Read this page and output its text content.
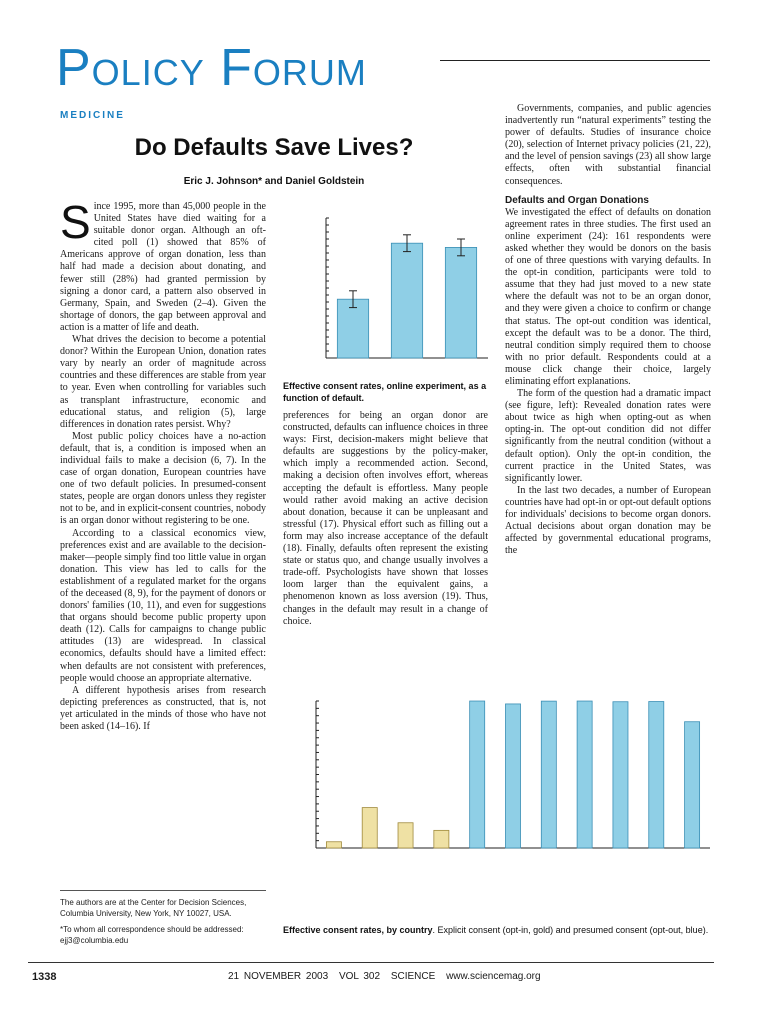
Policy Forum
MEDICINE
Do Defaults Save Lives?
Eric J. Johnson* and Daniel Goldstein
S ince 1995, more than 45,000 people in the United States have died waiting for a suitable donor organ. Although an oft-cited poll (1) showed that 85% of Americans approve of organ donation, less than half had made a decision about donating, and fewer still (28%) had granted permission by signing a donor card, a pattern also observed in Germany, Spain, and Sweden (2–4). Given the shortage of donors, the gap between approval and action is a matter of life and death.

What drives the decision to become a potential donor? Within the European Union, donation rates vary by nearly an order of magnitude across countries and these differences are stable from year to year. Even when controlling for variables such as transplant infrastructure, economic and educational status, and religion (5), large differences in donation rates persist. Why?

Most public policy choices have a no-action default, that is, a condition is imposed when an individual fails to make a decision (6, 7). In the case of organ donation, European countries have one of two default policies. In presumed-consent states, people are organ donors unless they register not to be, and in explicit-consent countries, nobody is an organ donor without registering to be one.

According to a classical economics view, preferences exist and are available to the decision-maker—people simply find too little value in organ donation. This view has led to calls for the establishment of a regulated market for the organs of the deceased (8, 9), for the payment of donors or donors' families (10, 11), and even for suggestions that organs should become public property upon death (12). Calls for campaigns to change public attitudes (13) are widespread. In classical economics, defaults should have a limited effect: when defaults are not consistent with preferences, people would choose an appropriate alternative.

A different hypothesis arises from research depicting preferences as constructed, that is, not yet articulated in the minds of those who have not been asked (14–16). If

Effective consent rates, online experiment, as a function of default.

preferences for being an organ donor are constructed, defaults can influence choices in three ways: First, decision-makers might believe that defaults are suggestions by the policy-maker, which imply a recommended action. Second, making a decision often involves effort, whereas accepting the default is effortless. Many people would rather avoid making an active decision about donation, because it can be unpleasant and stressful (17). Physical effort such as filling out a form may also increase acceptance of the default (18). Finally, defaults often represent the existing state or status quo, and change usually involves a trade-off. Psychologists have shown that losses loom larger than the equivalent gains, a phenomenon known as loss aversion (19). Thus, changes in the default may result in a change of choice.

Governments, companies, and public agencies inadvertently run “natural experiments” testing the power of defaults. Studies of insurance choice (20), selection of Internet privacy policies (21, 22), and the level of pension savings (23) all show large effects, often with substantial financial consequences.

Defaults and Organ Donations

We investigated the effect of defaults on donation agreement rates in three studies. The first used an online experiment (24): 161 respondents were asked whether they would be donors on the basis of one of three questions with varying defaults. In the opt-in condition, participants were told to assume that they had just moved to a new state where the default was not to be an organ donor, and they were given a choice to confirm or change that status. The opt-out condition was identical, except the default was to be a donor. The third, neutral condition simply required them to choose with no prior default. Respondents could at a mouse click change their choice, largely eliminating effort explanations.

The form of the question had a dramatic impact (see figure, left): Revealed donation rates were about twice as high when opting-out as when opting-in. The opt-out condition did not differ significantly from the neutral condition (without a default option). Only the opt-in condition, the current practice in the United States, was significantly lower.

In the last two decades, a number of European countries have had opt-in or opt-out default options for individuals' decisions to become organ donors. Actual decisions about organ donation may be affected by governmental educational programs, the

Effective consent rates, by country. Explicit consent (opt-in, gold) and presumed consent (opt-out, blue).

The authors are at the Center for Decision Sciences, Columbia University, New York, NY 10027, USA.

*To whom all correspondence should be addressed: ejj3@columbia.edu

1338	21 NOVEMBER 2003 VOL 302 SCIENCE www.sciencemag.org
